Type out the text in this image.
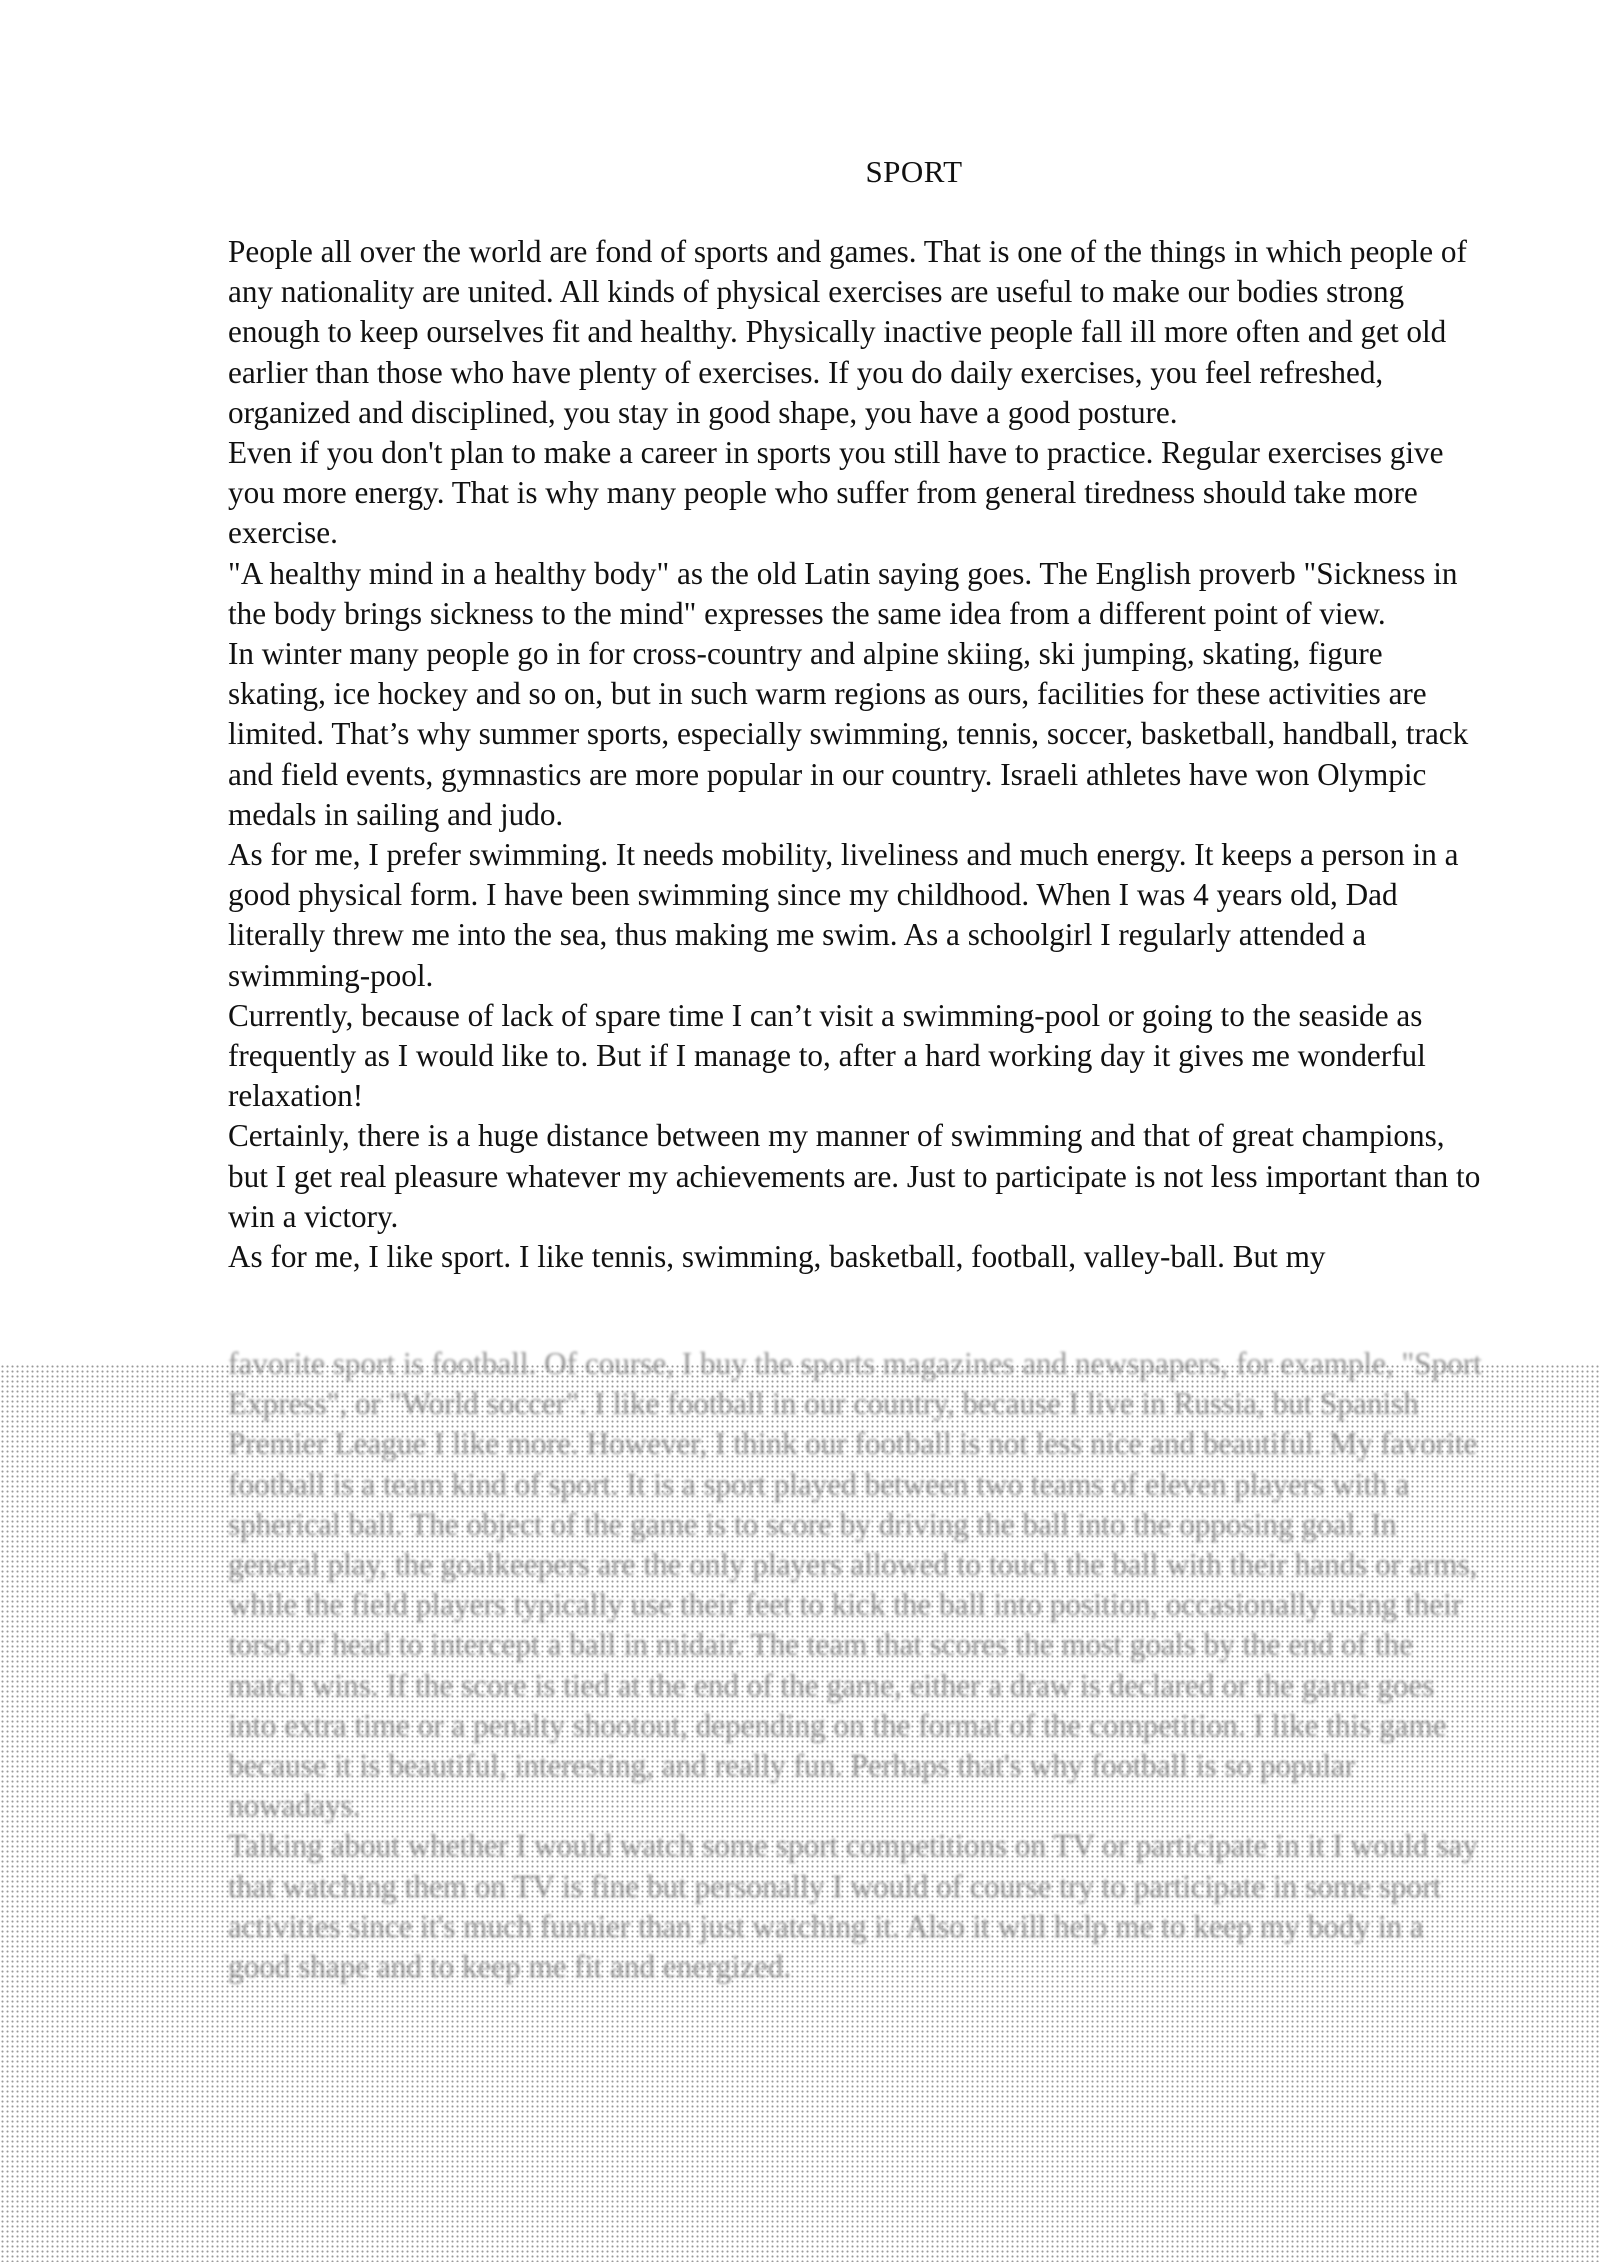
SPORT

People all over the world are fond of sports and games. That is one of the things in which people of any nationality are united. All kinds of physical exercises are useful to make our bodies strong enough to keep ourselves fit and healthy. Physically inactive people fall ill more often and get old earlier than those who have plenty of exercises. If you do daily exercises, you feel refreshed, organized and disciplined, you stay in good shape, you have a good posture.

Even if you don't plan to make a career in sports you still have to practice. Regular exercises give you more energy. That is why many people who suffer from general tiredness should take more exercise.

"A healthy mind in a healthy body" as the old Latin saying goes. The English proverb "Sickness in the body brings sickness to the mind" expresses the same idea from a different point of view.

In winter many people go in for cross-country and alpine skiing, ski jumping, skating, figure skating, ice hockey and so on, but in such warm regions as ours, facilities for these activities are limited. That’s why summer sports, especially swimming, tennis, soccer, basketball, handball, track and field events, gymnastics are more popular in our country. Israeli athletes have won Olympic medals in sailing and judo.

As for me, I prefer swimming. It needs mobility, liveliness and much energy. It keeps a person in a good physical form. I have been swimming since my childhood. When I was 4 years old, Dad literally threw me into the sea, thus making me swim. As a schoolgirl I regularly attended a swimming-pool.

Currently, because of lack of spare time I can’t visit a swimming-pool or going to the seaside as frequently as I would like to. But if I manage to, after a hard working day it gives me wonderful relaxation!

Certainly, there is a huge distance between my manner of swimming and that of great champions, but I get real pleasure whatever my achievements are. Just to participate is not less important than to win a victory.

As for me, I like sport. I like tennis, swimming, basketball, football, valley-ball. But my

favorite sport is football. Of course, I buy the sports magazines and newspapers, for example, "Sport Express", or "World soccer". I like football in our country, because I live in Russia, but Spanish Premier League I like more. However, I think our football is not less nice and beautiful. My favorite football is a team kind of sport. It is a sport played between two teams of eleven players with a spherical ball. The object of the game is to score by driving the ball into the opposing goal. In general play, the goalkeepers are the only players allowed to touch the ball with their hands or arms, while the field players typically use their feet to kick the ball into position, occasionally using their torso or head to intercept a ball in midair. The team that scores the most goals by the end of the match wins. If the score is tied at the end of the game, either a draw is declared or the game goes into extra time or a penalty shootout, depending on the format of the competition. I like this game because it is beautiful, interesting, and really fun. Perhaps that's why football is so popular nowadays.

Talking about whether I would watch some sport competitions on TV or participate in it I would say that watching them on TV is fine but personally I would of course try to participate in some sport activities since it's much funnier than just watching it. Also it will help me to keep my body in a good shape and to keep me fit and energized.
